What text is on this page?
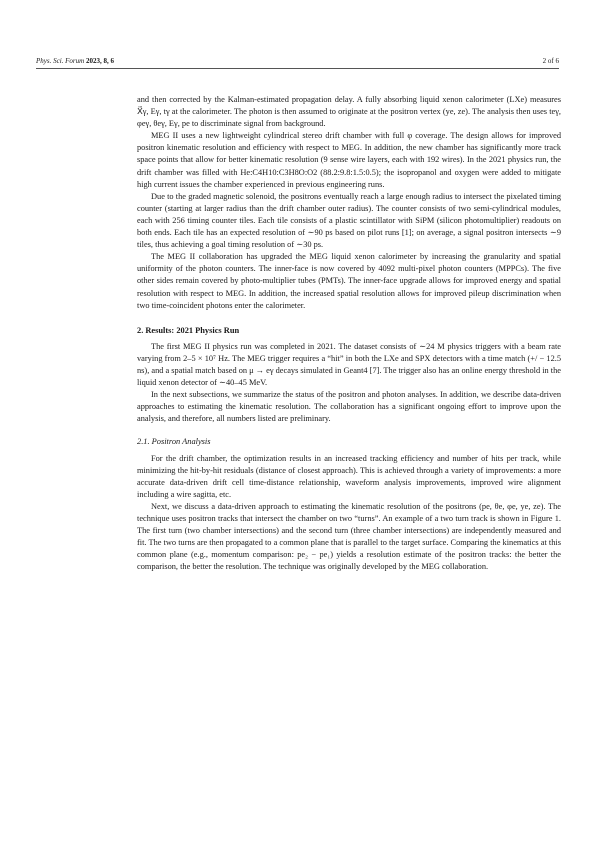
Phys. Sci. Forum 2023, 8, 6	2 of 6

and then corrected by the Kalman-estimated propagation delay. A fully absorbing liquid xenon calorimeter (LXe) measures X⃗γ, Eγ, tγ at the calorimeter. The photon is then assumed to originate at the positron vertex (ye, ze). The analysis then uses teγ, φeγ, θeγ, Eγ, pe to discriminate signal from background.

MEG II uses a new lightweight cylindrical stereo drift chamber with full φ coverage. The design allows for improved positron kinematic resolution and efficiency with respect to MEG. In addition, the new chamber has significantly more track space points that allow for better kinematic resolution (9 sense wire layers, each with 192 wires). In the 2021 physics run, the drift chamber was filled with He:C4H10:C3H8O:O2 (88.2:9.8:1.5:0.5); the isopropanol and oxygen were added to mitigate high current issues the chamber experienced in previous engineering runs.

Due to the graded magnetic solenoid, the positrons eventually reach a large enough radius to intersect the pixelated timing counter (starting at larger radius than the drift chamber outer radius). The counter consists of two semi-cylindrical modules, each with 256 timing counter tiles. Each tile consists of a plastic scintillator with SiPM (silicon photomultiplier) readouts on both ends. Each tile has an expected resolution of ∼90 ps based on pilot runs [1]; on average, a signal positron intersects ∼9 tiles, thus achieving a goal timing resolution of ∼30 ps.

The MEG II collaboration has upgraded the MEG liquid xenon calorimeter by increasing the granularity and spatial uniformity of the photon counters. The inner-face is now covered by 4092 multi-pixel photon counters (MPPCs). The five other sides remain covered by photo-multiplier tubes (PMTs). The inner-face upgrade allows for improved energy and spatial resolution with respect to MEG. In addition, the increased spatial resolution allows for improved pileup discrimination when two time-coincident photons enter the calorimeter.

2. Results: 2021 Physics Run

The first MEG II physics run was completed in 2021. The dataset consists of ∼24 M physics triggers with a beam rate varying from 2–5 × 10⁷ Hz. The MEG trigger requires a “hit” in both the LXe and SPX detectors with a time match (+/ − 12.5 ns), and a spatial match based on μ → eγ decays simulated in Geant4 [7]. The trigger also has an online energy threshold in the liquid xenon detector of ∼40–45 MeV.

In the next subsections, we summarize the status of the positron and photon analyses. In addition, we describe data-driven approaches to estimating the kinematic resolution. The collaboration has a significant ongoing effort to improve upon the analysis, and therefore, all numbers listed are preliminary.

2.1. Positron Analysis

For the drift chamber, the optimization results in an increased tracking efficiency and number of hits per track, while minimizing the hit-by-hit residuals (distance of closest approach). This is achieved through a variety of improvements: a more accurate data-driven drift cell time-distance relationship, waveform analysis improvements, improved wire alignment including a wire sagitta, etc.

Next, we discuss a data-driven approach to estimating the kinematic resolution of the positrons (pe, θe, φe, ye, ze). The technique uses positron tracks that intersect the chamber on two “turns”. An example of a two turn track is shown in Figure 1. The first turn (two chamber intersections) and the second turn (three chamber intersections) are independently measured and fit. The two turns are then propagated to a common plane that is parallel to the target surface. Comparing the kinematics at this common plane (e.g., momentum comparison: pe₂ − pe₁) yields a resolution estimate of the positron tracks: the better the comparison, the better the resolution. The technique was originally developed by the MEG collaboration.
